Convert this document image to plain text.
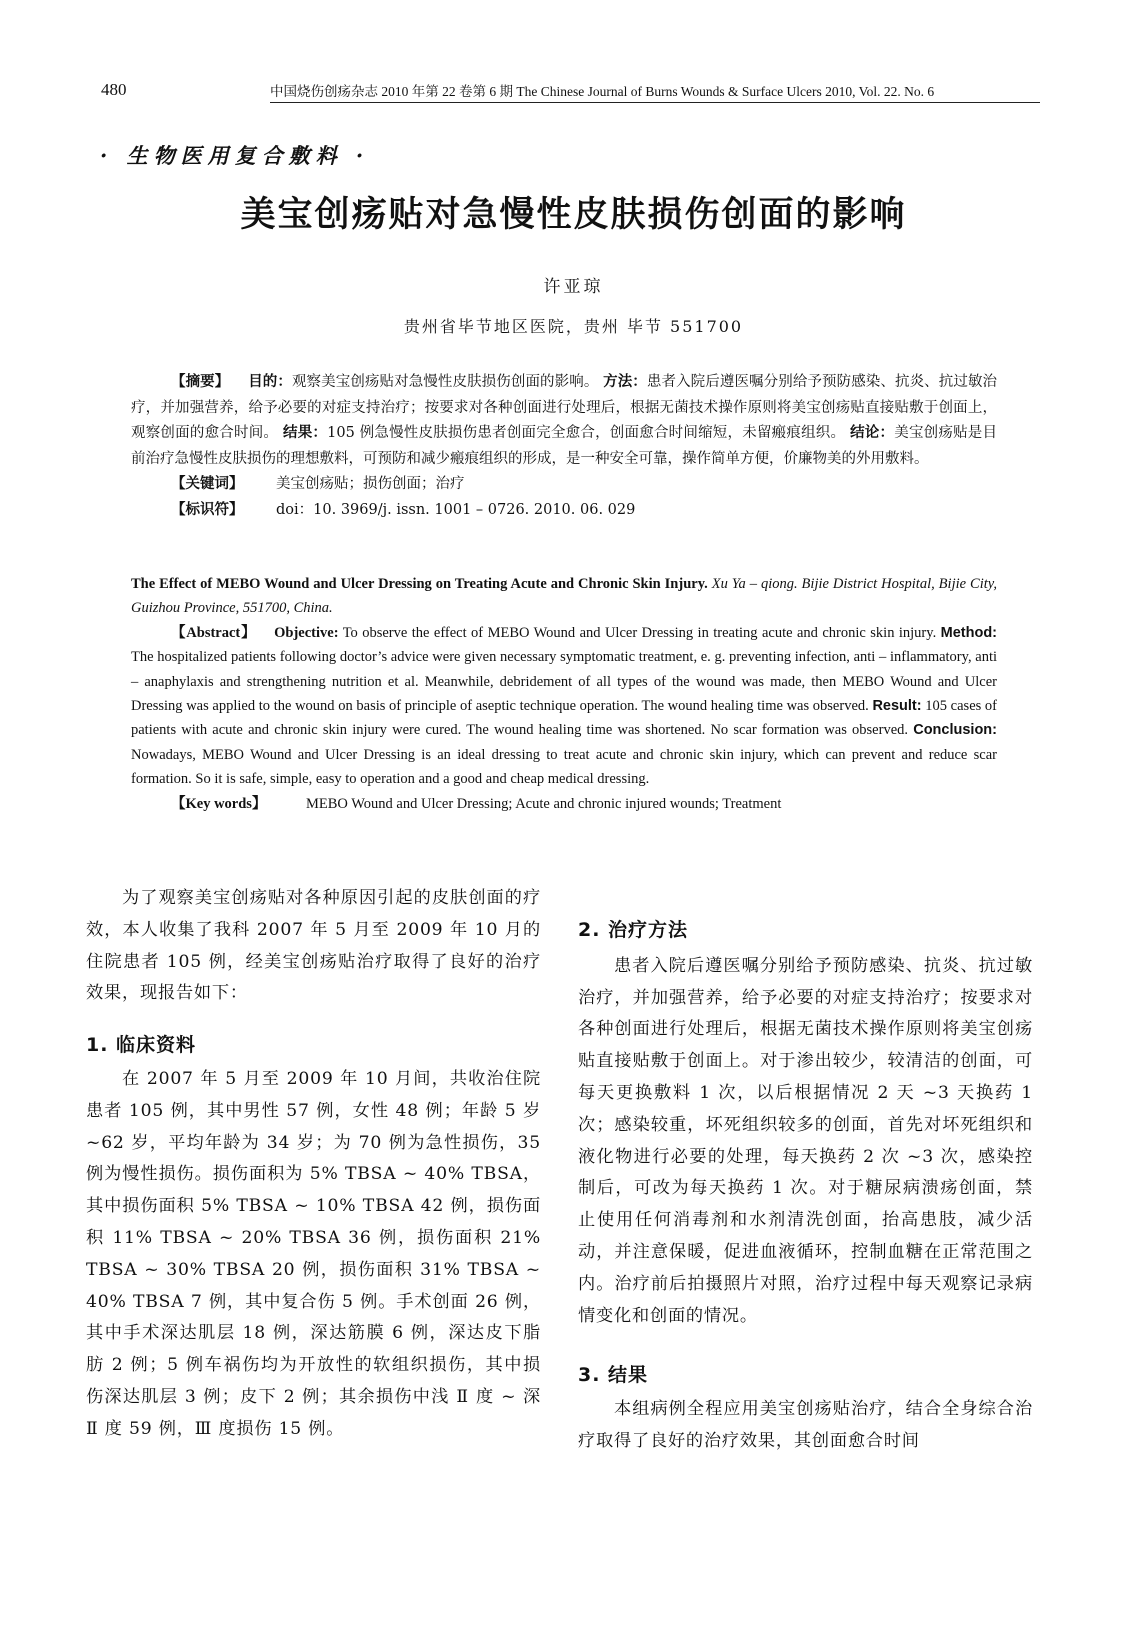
480	中国烧伤创疡杂志 2010 年第 22 卷第 6 期 The Chinese Journal of Burns Wounds & Surface Ulcers 2010, Vol. 22. No. 6
· 生物医用复合敷料 ·
美宝创疡贴对急慢性皮肤损伤创面的影响
许亚琼
贵州省毕节地区医院，贵州 毕节 551700
【摘要】 目的：观察美宝创疡贴对急慢性皮肤损伤创面的影响。 方法：患者入院后遵医嘱分别给予预防感染、抗炎、抗过敏治疗，并加强营养，给予必要的对症支持治疗；按要求对各种创面进行处理后，根据无菌技术操作原则将美宝创疡贴直接贴敷于创面上，观察创面的愈合时间。 结果：105 例急慢性皮肤损伤患者创面完全愈合，创面愈合时间缩短，未留瘢痕组织。 结论：美宝创疡贴是目前治疗急慢性皮肤损伤的理想敷料，可预防和减少瘢痕组织的形成，是一种安全可靠，操作简单方便，价廉物美的外用敷料。
【关键词】 美宝创疡贴；损伤创面；治疗
【标识符】 doi：10. 3969/j. issn. 1001 – 0726. 2010. 06. 029
The Effect of MEBO Wound and Ulcer Dressing on Treating Acute and Chronic Skin Injury. Xu Ya – qiong. Bijie District Hospital, Bijie City, Guizhou Province, 551700, China.
【Abstract】 Objective: To observe the effect of MEBO Wound and Ulcer Dressing in treating acute and chronic skin injury. Method: The hospitalized patients following doctor’s advice were given necessary symptomatic treatment, e. g. preventing infection, anti – inflammatory, anti – anaphylaxis and strengthening nutrition et al. Meanwhile, debridement of all types of the wound was made, then MEBO Wound and Ulcer Dressing was applied to the wound on basis of principle of aseptic technique operation. The wound healing time was observed. Result: 105 cases of patients with acute and chronic skin injury were cured. The wound healing time was shortened. No scar formation was observed. Conclusion: Nowadays, MEBO Wound and Ulcer Dressing is an ideal dressing to treat acute and chronic skin injury, which can prevent and reduce scar formation. So it is safe, simple, easy to operation and a good and cheap medical dressing.
【Key words】	MEBO Wound and Ulcer Dressing; Acute and chronic injured wounds; Treatment

为了观察美宝创疡贴对各种原因引起的皮肤创面的疗效，本人收集了我科 2007 年 5 月至 2009 年 10 月的住院患者 105 例，经美宝创疡贴治疗取得了良好的治疗效果，现报告如下：

1. 临床资料

在 2007 年 5 月至 2009 年 10 月间，共收治住院患者 105 例，其中男性 57 例，女性 48 例；年龄 5 岁 ~62 岁，平均年龄为 34 岁；为 70 例为急性损伤，35 例为慢性损伤。损伤面积为 5% TBSA ~ 40% TBSA，其中损伤面积 5% TBSA ~ 10% TBSA 42 例，损伤面积 11% TBSA ~ 20% TBSA 36 例，损伤面积 21% TBSA ~ 30% TBSA 20 例，损伤面积 31% TBSA ~ 40% TBSA 7 例，其中复合伤 5 例。手术创面 26 例，其中手术深达肌层 18 例，深达筋膜 6 例，深达皮下脂肪 2 例；5 例车祸伤均为开放性的软组织损伤，其中损伤深达肌层 3 例；皮下 2 例；其余损伤中浅 Ⅱ 度 ~ 深 Ⅱ 度 59 例，Ⅲ 度损伤 15 例。

2. 治疗方法

患者入院后遵医嘱分别给予预防感染、抗炎、抗过敏治疗，并加强营养，给予必要的对症支持治疗；按要求对各种创面进行处理后，根据无菌技术操作原则将美宝创疡贴直接贴敷于创面上。对于渗出较少，较清洁的创面，可每天更换敷料 1 次，以后根据情况 2 天 ~3 天换药 1 次；感染较重，坏死组织较多的创面，首先对坏死组织和液化物进行必要的处理，每天换药 2 次 ~3 次，感染控制后，可改为每天换药 1 次。对于糖尿病溃疡创面，禁止使用任何消毒剂和水剂清洗创面，抬高患肢，减少活动，并注意保暖，促进血液循环，控制血糖在正常范围之内。治疗前后拍摄照片对照，治疗过程中每天观察记录病情变化和创面的情况。

3. 结果

本组病例全程应用美宝创疡贴治疗，结合全身综合治疗取得了良好的治疗效果，其创面愈合时间
